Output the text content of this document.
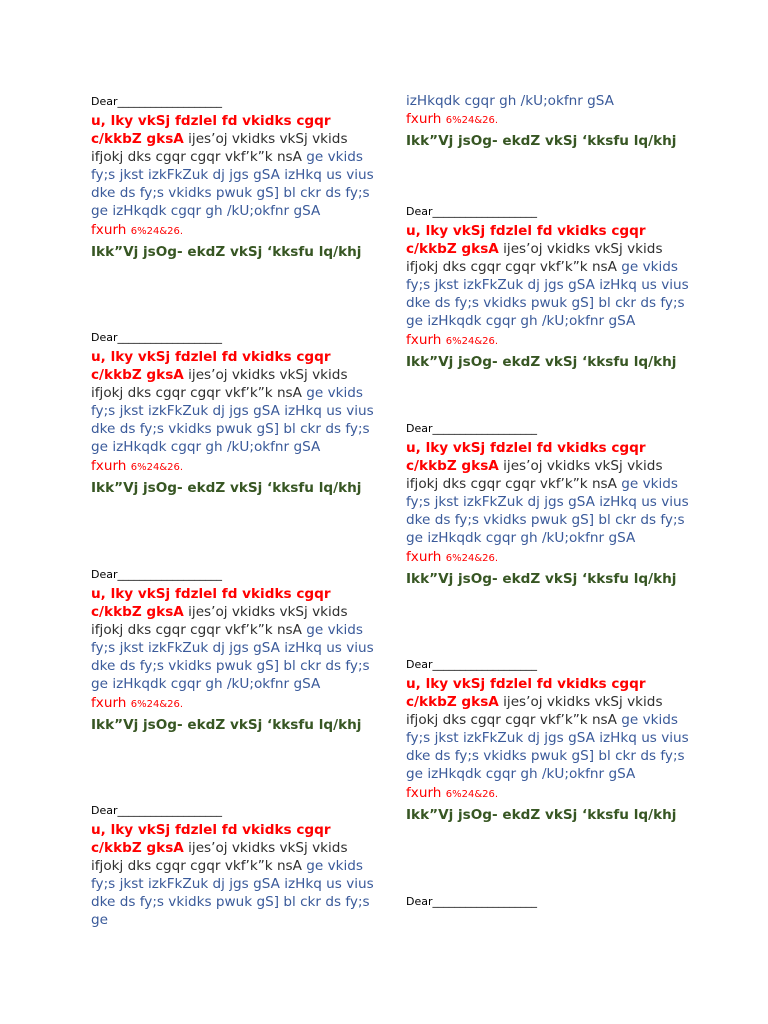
Dear___________________
u, lky vkSj fdzlel fd vkidks cgqr c/kkbZ gksA ijes’oj vkidks vkSj vkids ifjokj dks cgqr cgqr vkf’k”k nsA ge vkids fy;s jkst izkFkZuk dj jgs gSA izHkq us vius dke ds fy;s vkidks pwuk gS] bl ckr ds fy;s ge izHkqdk cgqr gh /kU;okfnr gSA
fxurh 6%24&26.
Ikk”Vj jsOg- ekdZ vkSj ‘kksfu lq/khj
Dear___________________
u, lky vkSj fdzlel fd vkidks cgqr c/kkbZ gksA ijes’oj vkidks vkSj vkids ifjokj dks cgqr cgqr vkf’k”k nsA ge vkids fy;s jkst izkFkZuk dj jgs gSA izHkq us vius dke ds fy;s vkidks pwuk gS] bl ckr ds fy;s ge izHkqdk cgqr gh /kU;okfnr gSA
fxurh 6%24&26.
Ikk”Vj jsOg- ekdZ vkSj ‘kksfu lq/khj
Dear___________________
u, lky vkSj fdzlel fd vkidks cgqr c/kkbZ gksA ijes’oj vkidks vkSj vkids ifjokj dks cgqr cgqr vkf’k”k nsA ge vkids fy;s jkst izkFkZuk dj jgs gSA izHkq us vius dke ds fy;s vkidks pwuk gS] bl ckr ds fy;s ge izHkqdk cgqr gh /kU;okfnr gSA
fxurh 6%24&26.
Ikk”Vj jsOg- ekdZ vkSj ‘kksfu lq/khj
Dear___________________
u, lky vkSj fdzlel fd vkidks cgqr c/kkbZ gksA ijes’oj vkidks vkSj vkids ifjokj dks cgqr cgqr vkf’k”k nsA ge vkids fy;s jkst izkFkZuk dj jgs gSA izHkq us vius dke ds fy;s vkidks pwuk gS] bl ckr ds fy;s ge
izHkqdk cgqr gh /kU;okfnr gSA
fxurh 6%24&26.
Ikk”Vj jsOg- ekdZ vkSj ‘kksfu lq/khj
Dear___________________
u, lky vkSj fdzlel fd vkidks cgqr c/kkbZ gksA ijes’oj vkidks vkSj vkids ifjokj dks cgqr cgqr vkf’k”k nsA ge vkids fy;s jkst izkFkZuk dj jgs gSA izHkq us vius dke ds fy;s vkidks pwuk gS] bl ckr ds fy;s ge izHkqdk cgqr gh /kU;okfnr gSA
fxurh 6%24&26.
Ikk”Vj jsOg- ekdZ vkSj ‘kksfu lq/khj
Dear___________________
u, lky vkSj fdzlel fd vkidks cgqr c/kkbZ gksA ijes’oj vkidks vkSj vkids ifjokj dks cgqr cgqr vkf’k”k nsA ge vkids fy;s jkst izkFkZuk dj jgs gSA izHkq us vius dke ds fy;s vkidks pwuk gS] bl ckr ds fy;s ge izHkqdk cgqr gh /kU;okfnr gSA
fxurh 6%24&26.
Ikk”Vj jsOg- ekdZ vkSj ‘kksfu lq/khj
Dear___________________
u, lky vkSj fdzlel fd vkidks cgqr c/kkbZ gksA ijes’oj vkidks vkSj vkids ifjokj dks cgqr cgqr vkf’k”k nsA ge vkids fy;s jkst izkFkZuk dj jgs gSA izHkq us vius dke ds fy;s vkidks pwuk gS] bl ckr ds fy;s ge izHkqdk cgqr gh /kU;okfnr gSA
fxurh 6%24&26.
Ikk”Vj jsOg- ekdZ vkSj ‘kksfu lq/khj
Dear___________________
